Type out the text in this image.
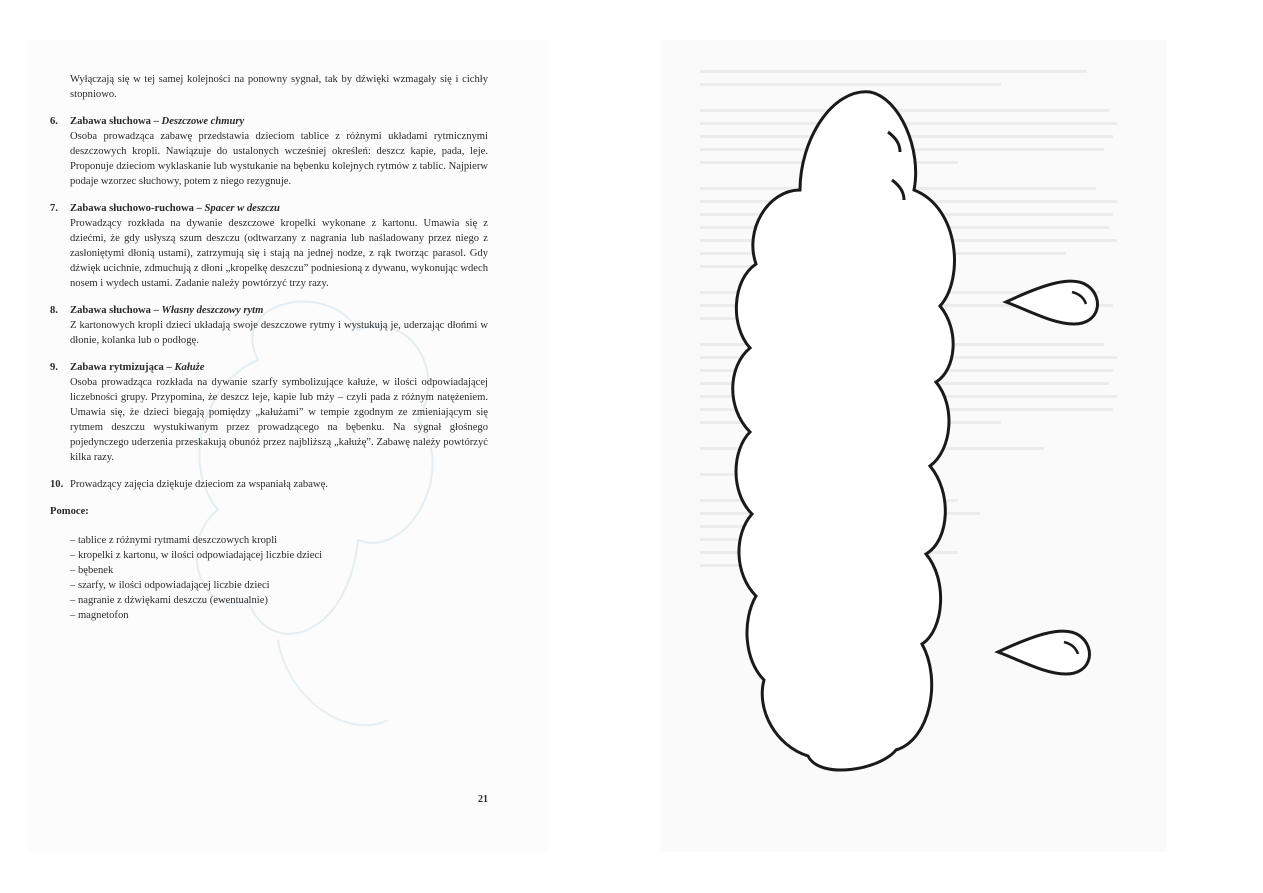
Wyłączają się w tej samej kolejności na ponowny sygnał, tak by dźwięki wzmagały się i cichły stopniowo.

6. Zabawa słuchowa – Deszczowe chmury

Osoba prowadząca zabawę przedstawia dzieciom tablice z różnymi układami rytmicznymi deszczowych kropli. Nawiązuje do ustalonych wcześniej określeń: deszcz kapie, pada, leje. Proponuje dzieciom wyklaskanie lub wystukanie na bębenku kolejnych rytmów z tablic. Najpierw podaje wzorzec słuchowy, potem z niego rezygnuje.

7. Zabawa słuchowo-ruchowa – Spacer w deszczu

Prowadzący rozkłada na dywanie deszczowe kropelki wykonane z kartonu. Umawia się z dziećmi, że gdy usłyszą szum deszczu (odtwarzany z nagrania lub naśladowany przez niego z zasłoniętymi dłonią ustami), zatrzymują się i stają na jednej nodze, z rąk tworząc parasol. Gdy dźwięk ucichnie, zdmuchują z dłoni „kropelkę deszczu” podniesioną z dywanu, wykonując wdech nosem i wydech ustami. Zadanie należy powtórzyć trzy razy.

8. Zabawa słuchowa – Własny deszczowy rytm

Z kartonowych kropli dzieci układają swoje deszczowe rytmy i wystukują je, uderzając dłońmi w dłonie, kolanka lub o podłogę.

9. Zabawa rytmizująca – Kałuże

Osoba prowadząca rozkłada na dywanie szarfy symbolizujące kałuże, w ilości odpowiadającej liczebności grupy. Przypomina, że deszcz leje, kapie lub mży – czyli pada z różnym natężeniem. Umawia się, że dzieci biegają pomiędzy „kałużami” w tempie zgodnym ze zmieniającym się rytmem deszczu wystukiwanym przez prowadzącego na bębenku. Na sygnał głośnego pojedynczego uderzenia przeskakują obunóż przez najbliższą „kałużę”. Zabawę należy powtórzyć kilka razy.

10. Prowadzący zajęcia dziękuje dzieciom za wspaniałą zabawę.

Pomoce:

– tablice z różnymi rytmami deszczowych kropli
– kropelki z kartonu, w ilości odpowiadającej liczbie dzieci
– bębenek
– szarfy, w ilości odpowiadającej liczbie dzieci
– nagranie z dźwiękami deszczu (ewentualnie)
– magnetofon
21
